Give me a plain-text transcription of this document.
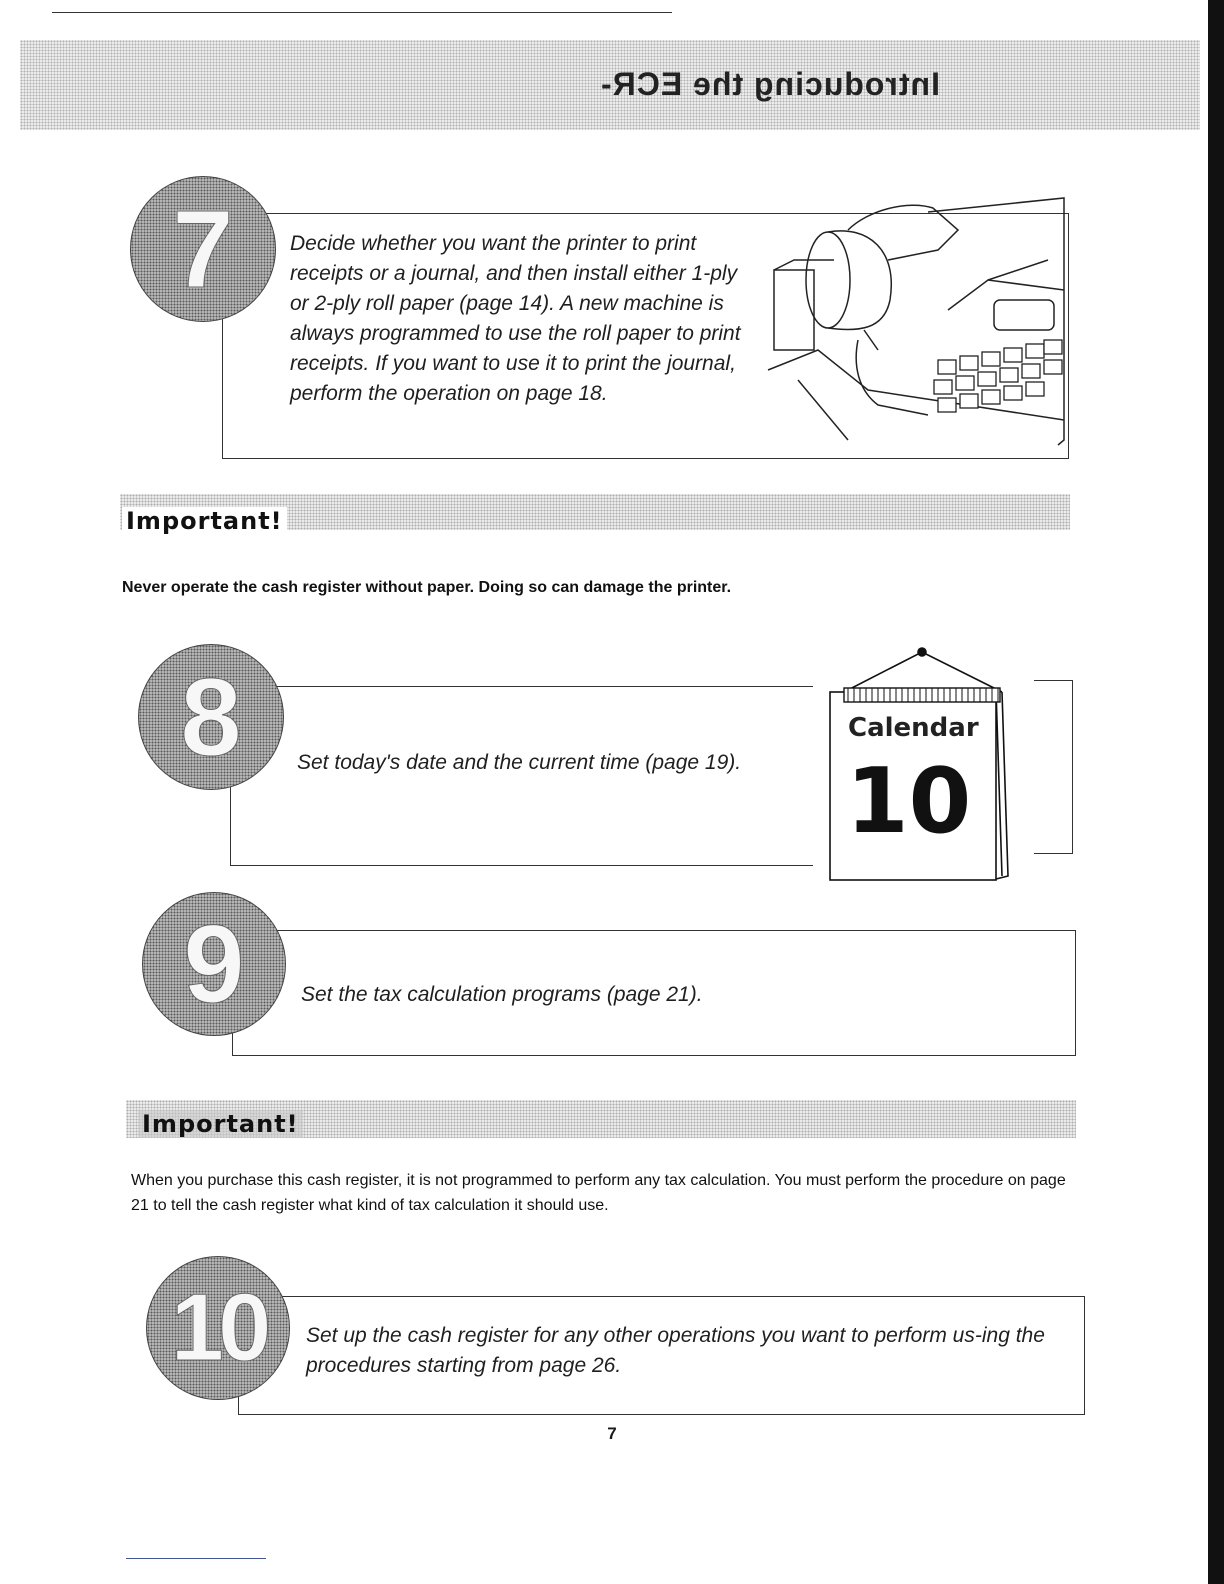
Introducing the ECR-
7	Decide whether you want the printer to print receipts or a journal, and then install either 1-ply or 2-ply roll paper (page 14). A new machine is always programmed to use the roll paper to print receipts. If you want to use it to print the journal, perform the operation on page 18.
Important!
Never operate the cash register without paper. Doing so can damage the printer.
8	Set today's date and the current time (page 19).
Calendar
10
9	Set the tax calculation programs (page 21).
Important!
When you purchase this cash register, it is not programmed to perform any tax calculation. You must perform the procedure on page 21 to tell the cash register what kind of tax calculation it should use.
10 Set up the cash register for any other operations you want to perform us-ing the procedures starting from page 26.
7
